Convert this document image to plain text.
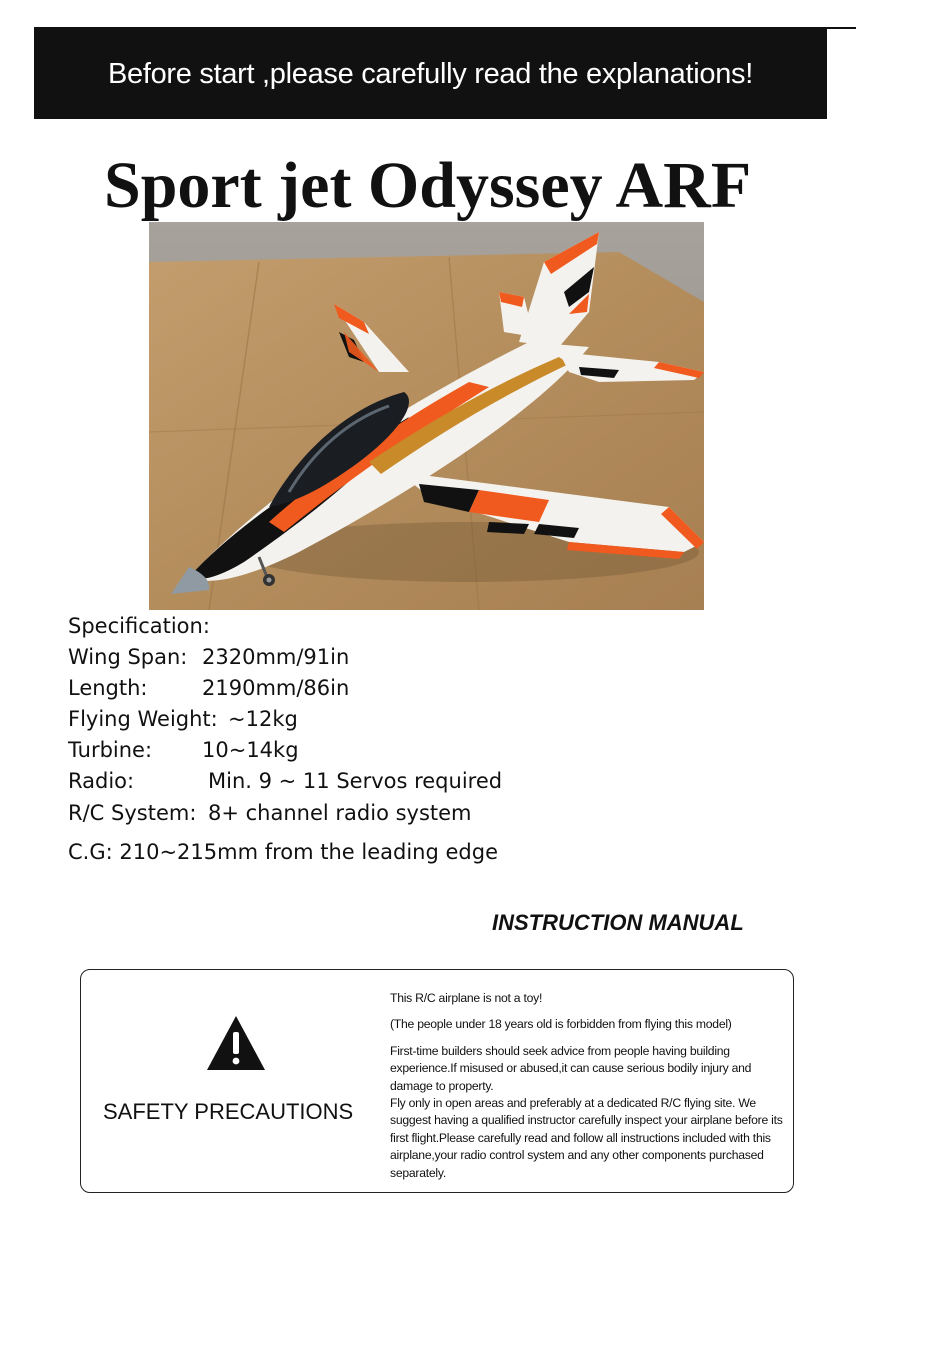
Before start ,please carefully read the explanations!
Sport jet Odyssey ARF
Specification:
Wing Span: 2320mm/91in
Length:	2190mm/86in
Flying Weight: ~12kg
Turbine: 10~14kg
Radio:	Min. 9 ~ 11 Servos required
R/C System: 8+ channel radio system
C.G: 210~215mm from the leading edge
INSTRUCTION MANUAL
SAFETY PRECAUTIONS

This R/C airplane is not a toy!

(The people under 18 years old is forbidden from flying this model)

First-time builders should seek advice from people having building experience.If misused or abused,it can cause serious bodily injury and damage to property.

Fly only in open areas and preferably at a dedicated R/C flying site. We suggest having a qualified instructor carefully inspect your airplane before its first flight.Please carefully read and follow all instructions included with this airplane,your radio control system and any other components purchased separately.
